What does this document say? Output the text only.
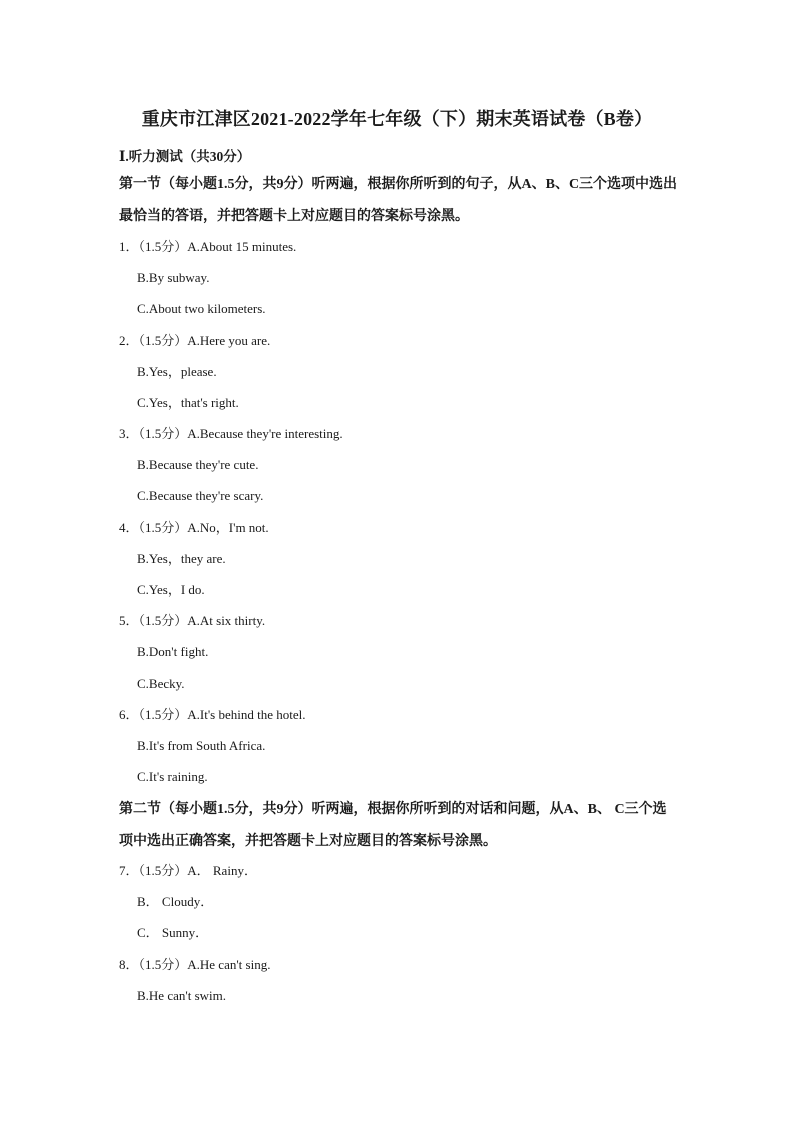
重庆市江津区2021-2022学年七年级（下）期末英语试卷（B卷）
Ⅰ.听力测试（共30分）
第一节（每小题1.5分，共9分）听两遍，根据你所听到的句子，从A、B、C三个选项中选出最恰当的答语，并把答题卡上对应题目的答案标号涂黑。
1．（1.5分）A.About 15 minutes.
B.By subway.
C.About two kilometers.
2．（1.5分）A.Here you are.
B.Yes，please.
C.Yes，that's right.
3．（1.5分）A.Because they're interesting.
B.Because they're cute.
C.Because they're scary.
4．（1.5分）A.No，I'm not.
B.Yes，they are.
C.Yes，I do.
5．（1.5分）A.At six thirty.
B.Don't fight.
C.Becky.
6．（1.5分）A.It's behind the hotel.
B.It's from South Africa.
C.It's raining.
第二节（每小题1.5分，共9分）听两遍，根据你所听到的对话和问题，从A、B、 C三个选项中选出正确答案，并把答题卡上对应题目的答案标号涂黑。
7．（1.5分）A． Rainy．
B． Cloudy．
C． Sunny．
8．（1.5分）A.He can't sing.
B.He can't swim.
